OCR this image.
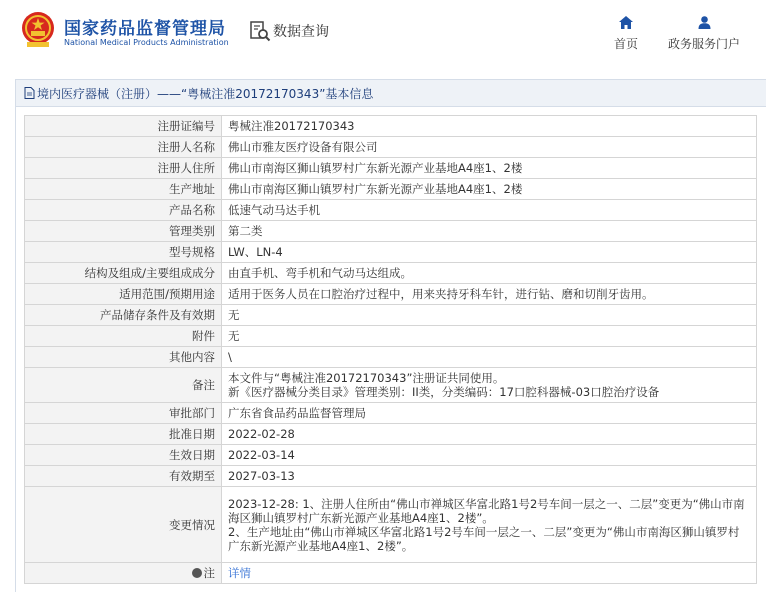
国家药品监督管理局
National Medical Products Administration
数据查询
首页	政务服务门户
境内医疗器械（注册）——“粤械注准20172170343”基本信息
注册证编号	粤械注准20172170343
注册人名称	佛山市雅友医疗设备有限公司
注册人住所	佛山市南海区狮山镇罗村广东新光源产业基地A4座1、2楼
生产地址	佛山市南海区狮山镇罗村广东新光源产业基地A4座1、2楼
产品名称	低速气动马达手机
管理类别	第二类
型号规格	LW、LN-4
结构及组成/主要组成成分	由直手机、弯手机和气动马达组成。
适用范围/预期用途	适用于医务人员在口腔治疗过程中，用来夹持牙科车针，进行钻、磨和切削牙齿用。
产品储存条件及有效期	无
附件	无
其他内容	\
备注	本文件与“粤械注准20172170343”注册证共同使用。
新《医疗器械分类目录》管理类别：II类，分类编码：17口腔科器械-03口腔治疗设备

审批部门	广东省食品药品监督管理局
批准日期	2022-02-28
生效日期	2022-03-14
有效期至	2027-03-13
变更情况	2023-12-28: 1、注册人住所由“佛山市禅城区华富北路1号2号车间一层之一、二层”变更为“佛山市南海区狮山镇罗村广东新光源产业基地A4座1、2楼”。
2、生产地址由“佛山市禅城区华富北路1号2号车间一层之一、二层”变更为“佛山市南海区狮山镇罗村广东新光源产业基地A4座1、2楼”。

注	详情
